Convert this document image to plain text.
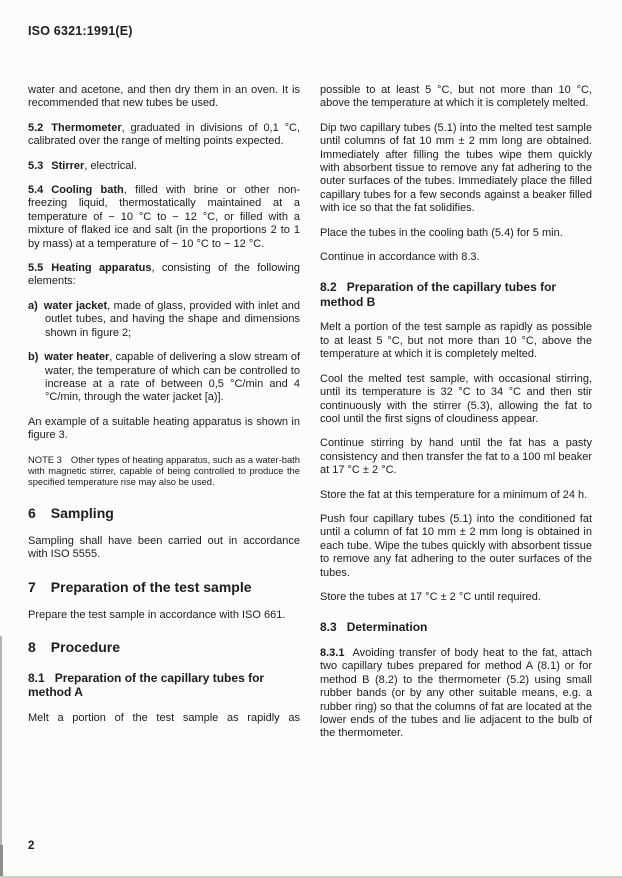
ISO 6321:1991(E)

water and acetone, and then dry them in an oven. It is recommended that new tubes be used.

5.2 Thermometer, graduated in divisions of 0,1 °C, calibrated over the range of melting points expected.

5.3 Stirrer, electrical.

5.4 Cooling bath, filled with brine or other non-freezing liquid, thermostatically maintained at a temperature of − 10 °C to − 12 °C, or filled with a mixture of flaked ice and salt (in the proportions 2 to 1 by mass) at a temperature of − 10 °C to − 12 °C.

5.5 Heating apparatus, consisting of the following elements:

a) water jacket, made of glass, provided with inlet and outlet tubes, and having the shape and dimensions shown in figure 2;

b) water heater, capable of delivering a slow stream of water, the temperature of which can be controlled to increase at a rate of between 0,5 °C/min and 4 °C/min, through the water jacket [a)].

An example of a suitable heating apparatus is shown in figure 3.

NOTE 3 Other types of heating apparatus, such as a water-bath with magnetic stirrer, capable of being controlled to produce the specified temperature rise may also be used.

6 Sampling

Sampling shall have been carried out in accordance with ISO 5555.

7 Preparation of the test sample

Prepare the test sample in accordance with ISO 661.

8 Procedure
8.1 Preparation of the capillary tubes for method A

Melt a portion of the test sample as rapidly as

possible to at least 5 °C, but not more than 10 °C, above the temperature at which it is completely melted.

Dip two capillary tubes (5.1) into the melted test sample until columns of fat 10 mm ± 2 mm long are obtained. Immediately after filling the tubes wipe them quickly with absorbent tissue to remove any fat adhering to the outer surfaces of the tubes. Immediately place the filled capillary tubes for a few seconds against a beaker filled with ice so that the fat solidifies.

Place the tubes in the cooling bath (5.4) for 5 min.

Continue in accordance with 8.3.

8.2 Preparation of the capillary tubes for method B

Melt a portion of the test sample as rapidly as possible to at least 5 °C, but not more than 10 °C, above the temperature at which it is completely melted.

Cool the melted test sample, with occasional stirring, until its temperature is 32 °C to 34 °C and then stir continuously with the stirrer (5.3), allowing the fat to cool until the first signs of cloudiness appear.

Continue stirring by hand until the fat has a pasty consistency and then transfer the fat to a 100 ml beaker at 17 °C ± 2 °C.

Store the fat at this temperature for a minimum of 24 h.

Push four capillary tubes (5.1) into the conditioned fat until a column of fat 10 mm ± 2 mm long is obtained in each tube. Wipe the tubes quickly with absorbent tissue to remove any fat adhering to the outer surfaces of the tubes.

Store the tubes at 17 °C ± 2 °C until required.

8.3 Determination

8.3.1 Avoiding transfer of body heat to the fat, attach two capillary tubes prepared for method A (8.1) or for method B (8.2) to the thermometer (5.2) using small rubber bands (or by any other suitable means, e.g. a rubber ring) so that the columns of fat are located at the lower ends of the tubes and lie adjacent to the bulb of the thermometer.

2
